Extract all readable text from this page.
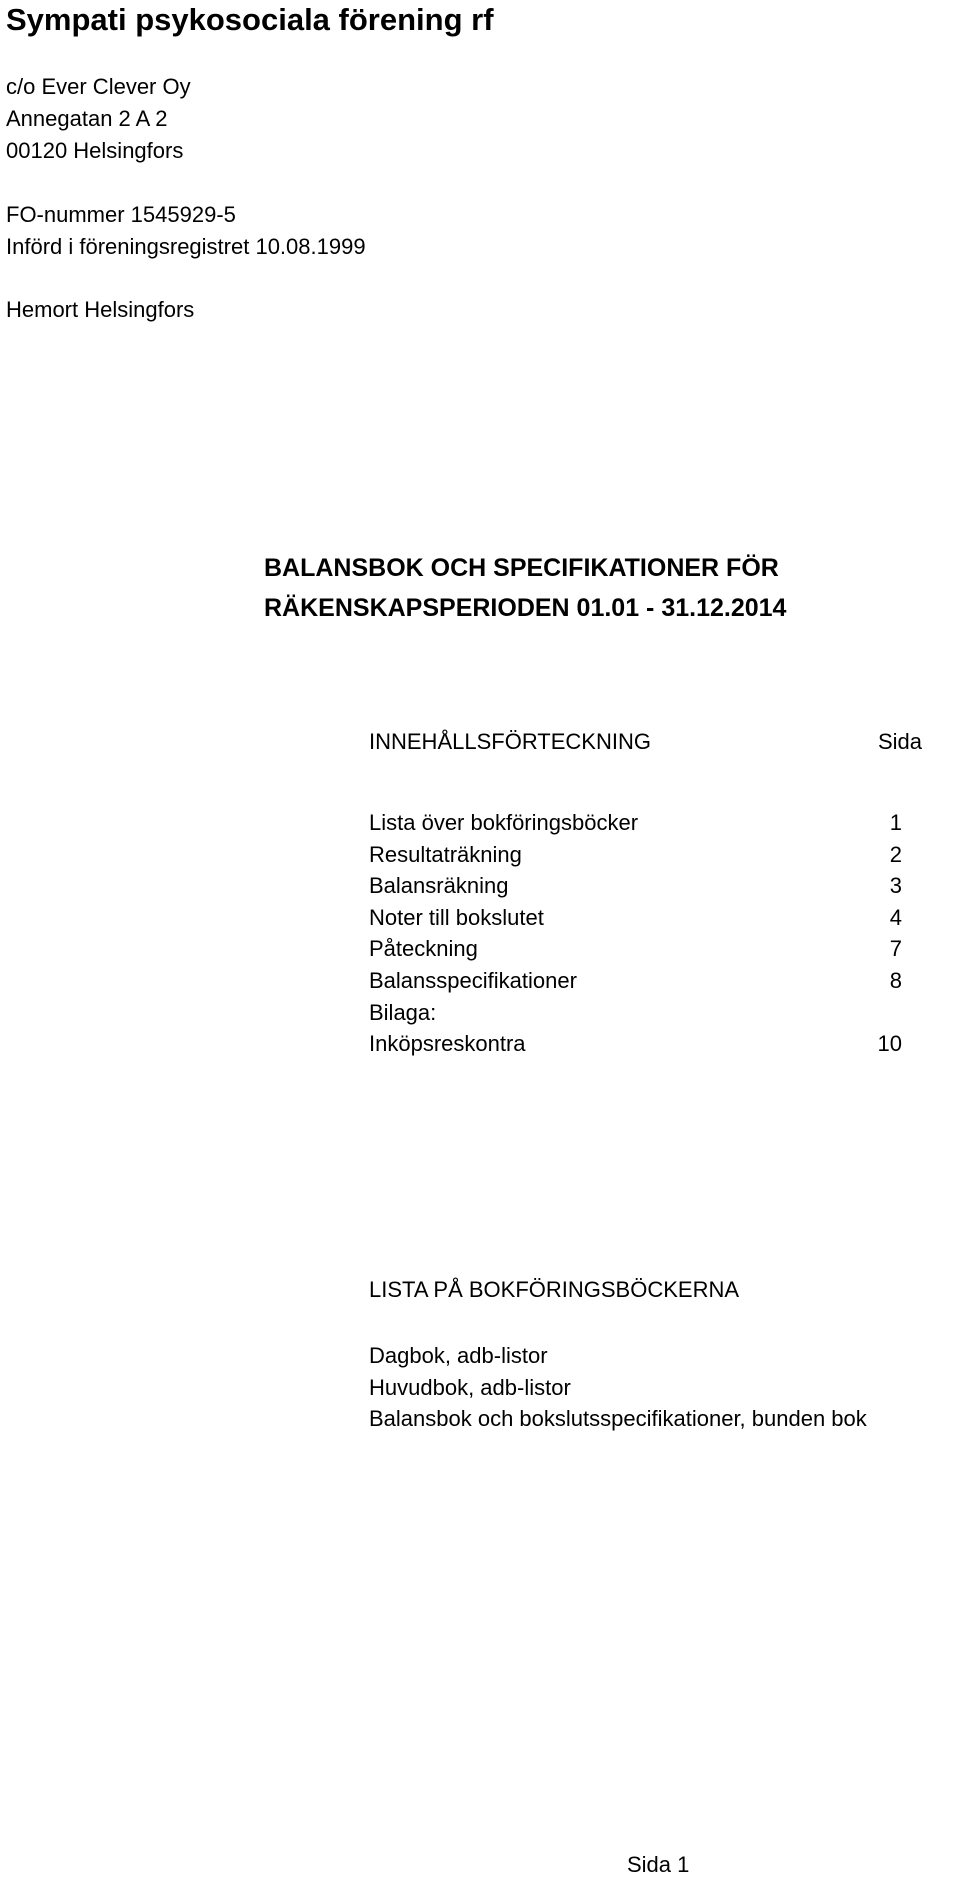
Sympati psykosociala förening rf
c/o Ever Clever Oy
Annegatan 2 A 2
00120 Helsingfors
FO-nummer 1545929-5
Införd i föreningsregistret 10.08.1999
Hemort Helsingfors
BALANSBOK OCH SPECIFIKATIONER FÖR
RÄKENSKAPSPERIODEN 01.01 - 31.12.2014
INNEHÅLLSFÖRTECKNING	Sida
Lista över bokföringsböcker	1
Resultaträkning	2
Balansräkning	3
Noter till bokslutet	4
Påteckning	7
Balansspecifikationer	8
Bilaga:
Inköpsreskontra	10
LISTA PÅ BOKFÖRINGSBÖCKERNA
Dagbok, adb-listor
Huvudbok, adb-listor
Balansbok och bokslutsspecifikationer, bunden bok
Sida 1
